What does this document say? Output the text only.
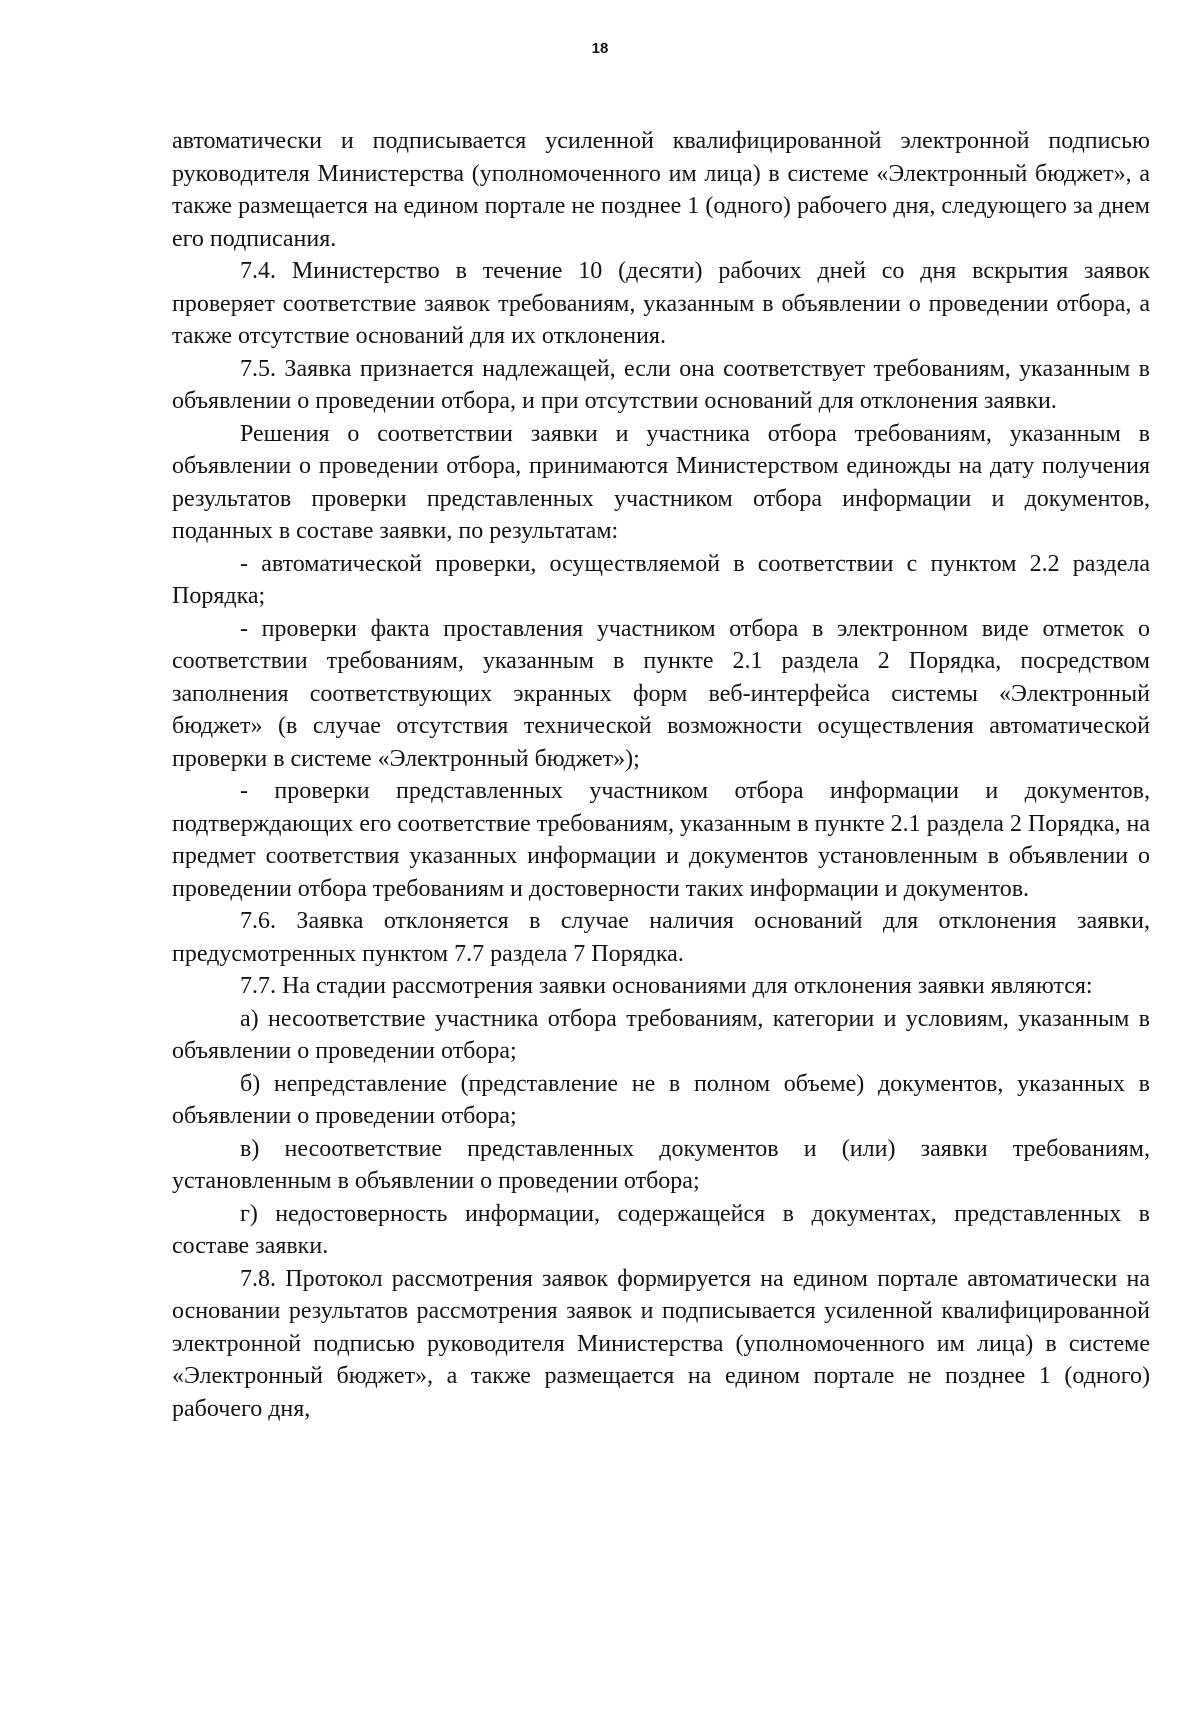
18

автоматически и подписывается усиленной квалифицированной электронной подписью руководителя Министерства (уполномоченного им лица) в системе «Электронный бюджет», а также размещается на едином портале не позднее 1 (одного) рабочего дня, следующего за днем его подписания.

7.4. Министерство в течение 10 (десяти) рабочих дней со дня вскрытия заявок проверяет соответствие заявок требованиям, указанным в объявлении о проведении отбора, а также отсутствие оснований для их отклонения.

7.5. Заявка признается надлежащей, если она соответствует требованиям, указанным в объявлении о проведении отбора, и при отсутствии оснований для отклонения заявки.

Решения о соответствии заявки и участника отбора требованиям, указанным в объявлении о проведении отбора, принимаются Министерством единожды на дату получения результатов проверки представленных участником отбора информации и документов, поданных в составе заявки, по результатам:

- автоматической проверки, осуществляемой в соответствии с пунктом 2.2 раздела Порядка;

- проверки факта проставления участником отбора в электронном виде отметок о соответствии требованиям, указанным в пункте 2.1 раздела 2 Порядка, посредством заполнения соответствующих экранных форм веб-интерфейса системы «Электронный бюджет» (в случае отсутствия технической возможности осуществления автоматической проверки в системе «Электронный бюджет»);

- проверки представленных участником отбора информации и документов, подтверждающих его соответствие требованиям, указанным в пункте 2.1 раздела 2 Порядка, на предмет соответствия указанных информации и документов установленным в объявлении о проведении отбора требованиям и достоверности таких информации и документов.

7.6. Заявка отклоняется в случае наличия оснований для отклонения заявки, предусмотренных пунктом 7.7 раздела 7 Порядка.

7.7. На стадии рассмотрения заявки основаниями для отклонения заявки являются:

а) несоответствие участника отбора требованиям, категории и условиям, указанным в объявлении о проведении отбора;

б) непредставление (представление не в полном объеме) документов, указанных в объявлении о проведении отбора;

в) несоответствие представленных документов и (или) заявки требованиям, установленным в объявлении о проведении отбора;

г) недостоверность информации, содержащейся в документах, представленных в составе заявки.

7.8. Протокол рассмотрения заявок формируется на едином портале автоматически на основании результатов рассмотрения заявок и подписывается усиленной квалифицированной электронной подписью руководителя Министерства (уполномоченного им лица) в системе «Электронный бюджет», а также размещается на едином портале не позднее 1 (одного) рабочего дня,
